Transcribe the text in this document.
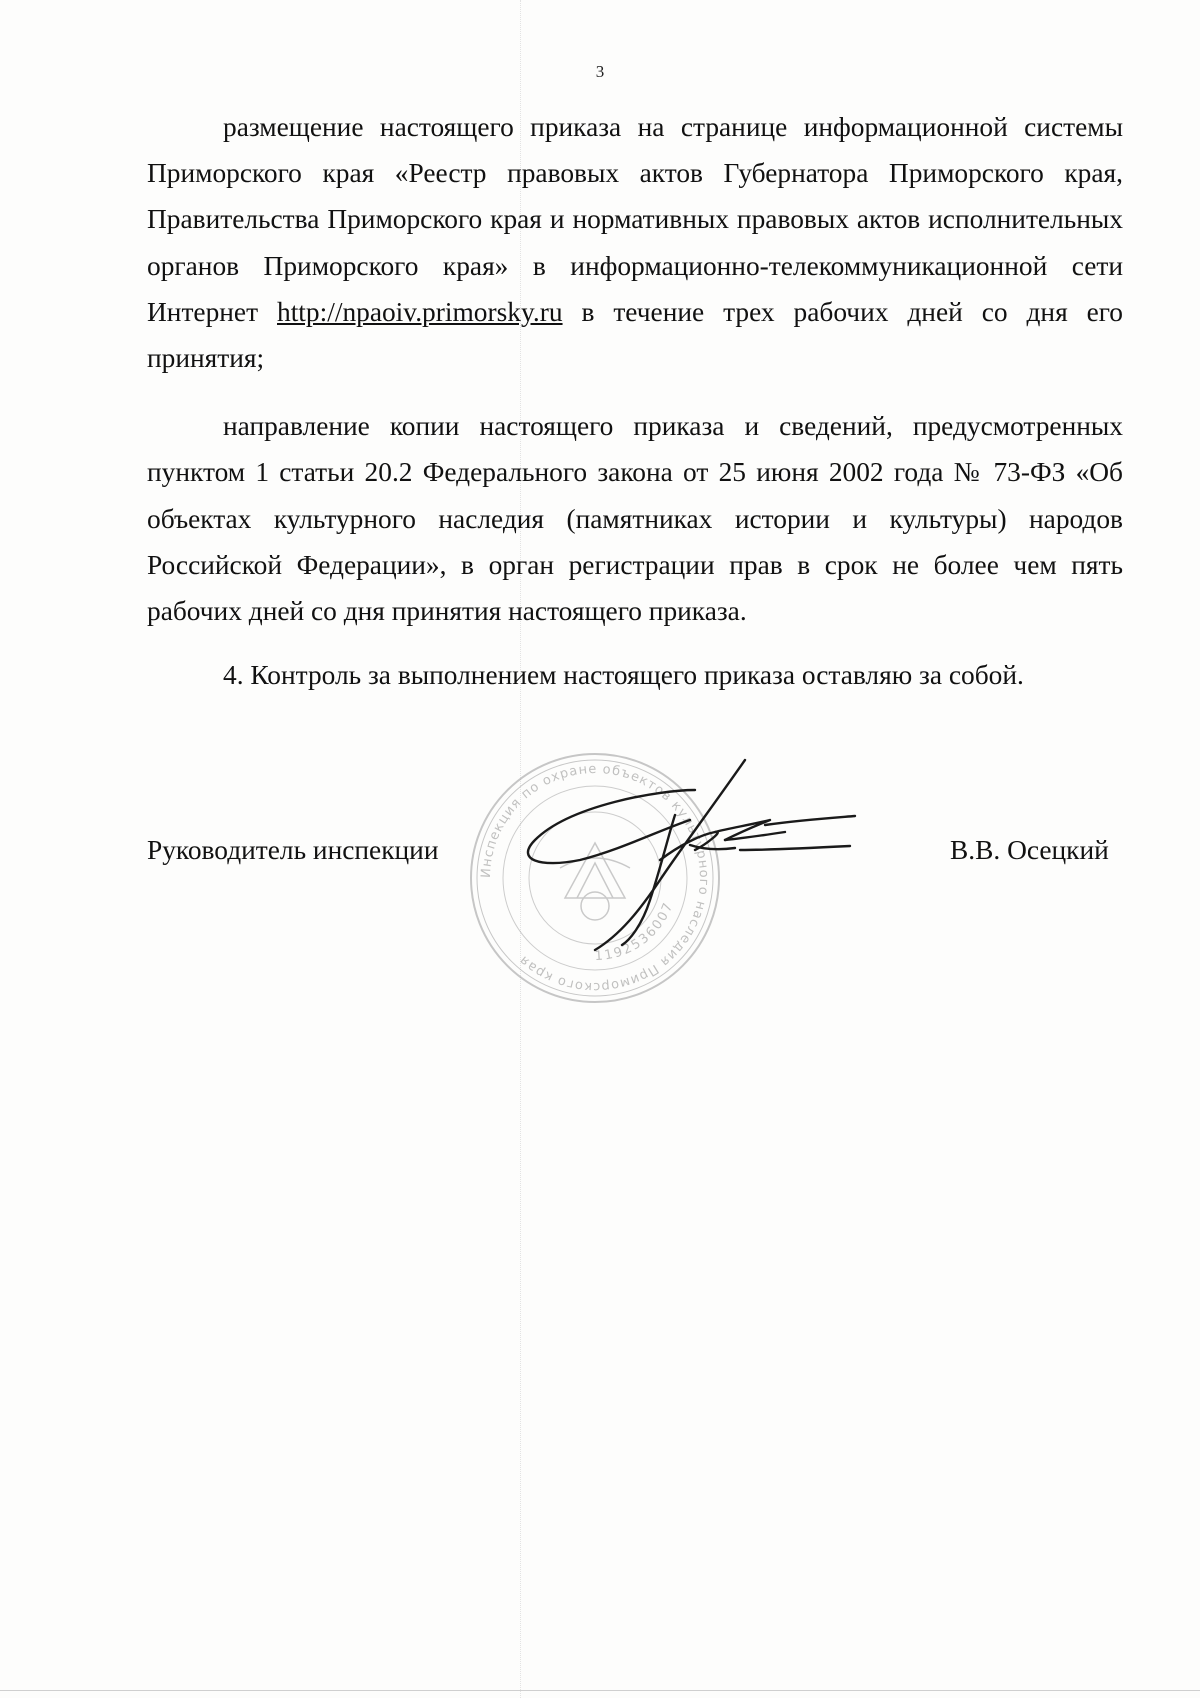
3

размещение настоящего приказа на странице информационной системы Приморского края «Реестр правовых актов Губернатора Приморского края, Правительства Приморского края и нормативных правовых актов исполнительных органов Приморского края» в информационно-телекоммуникационной сети Интернет http://npaoiv.primorsky.ru в течение трех рабочих дней со дня его принятия;

направление копии настоящего приказа и сведений, предусмотренных пунктом 1 статьи 20.2 Федерального закона от 25 июня 2002 года № 73-ФЗ «Об объектах культурного наследия (памятниках истории и культуры) народов Российской Федерации», в орган регистрации прав в срок не более чем пять рабочих дней со дня принятия настоящего приказа.

4. Контроль за выполнением настоящего приказа оставляю за собой.

Инспекция по охране объектов культурного наследия Приморского края	1192536007
Руководитель инспекции	В.В. Осецкий
